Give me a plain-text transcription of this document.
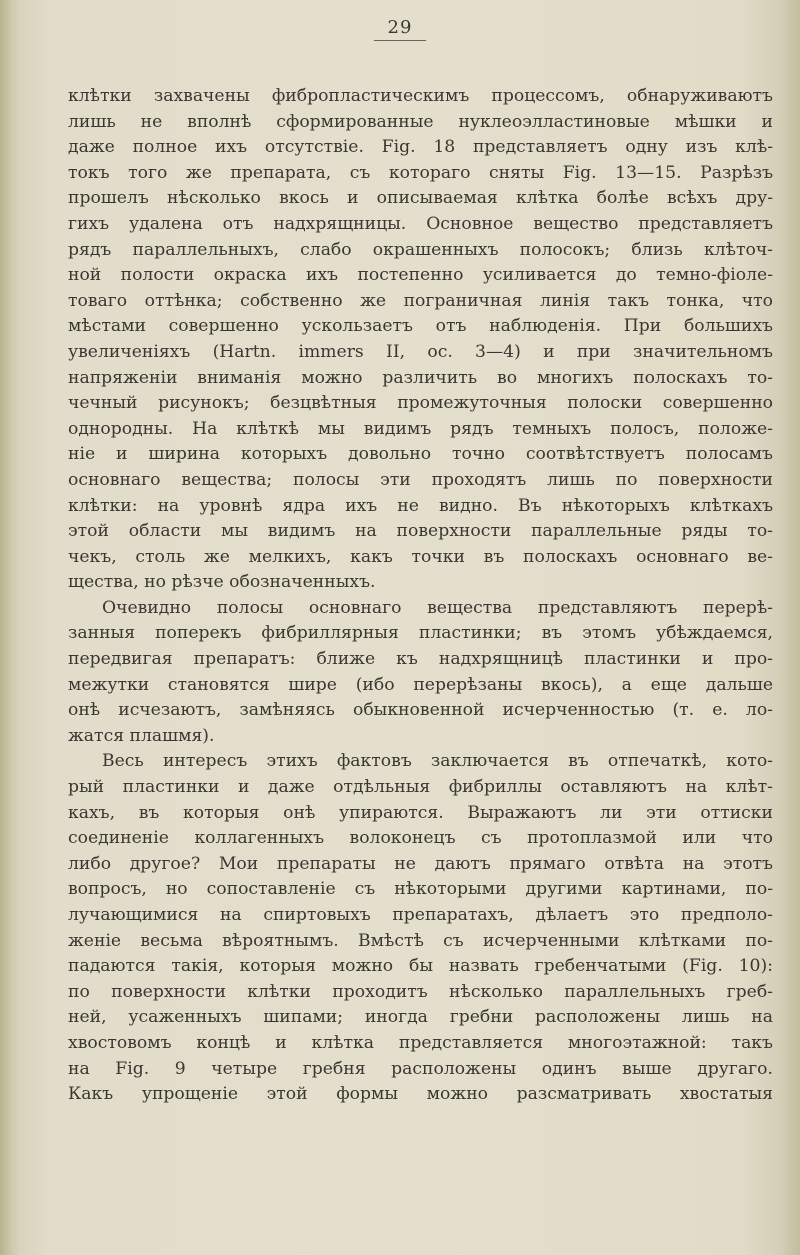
29
клѣтки захвачены фибропластическимъ процессомъ, обнаруживаютъ
лишь не вполнѣ сформированные нуклеоэлластиновые мѣшки и
даже полное ихъ отсутствіе. Fig. 18 представляетъ одну изъ клѣ-
токъ того же препарата, съ котораго сняты Fig. 13—15. Разрѣзъ
прошелъ нѣсколько вкось и описываемая клѣтка болѣе всѣхъ дру-
гихъ удалена отъ надхрящницы. Основное вещество представляетъ
рядъ параллельныхъ, слабо окрашенныхъ полосокъ; близь клѣточ-
ной полости окраска ихъ постепенно усиливается до темно-фіоле-
товаго оттѣнка; собственно же пограничная линія такъ тонка, что
мѣстами совершенно ускользаетъ отъ наблюденія. При большихъ
увеличеніяхъ (Hartn. immers II, oc. 3—4) и при значительномъ
напряженіи вниманія можно различить во многихъ полоскахъ то-
чечный рисунокъ; безцвѣтныя промежуточныя полоски совершенно
однородны. На клѣткѣ мы видимъ рядъ темныхъ полосъ, положе-
ніе и ширина которыхъ довольно точно соотвѣтствуетъ полосамъ
основнаго вещества; полосы эти проходятъ лишь по поверхности
клѣтки: на уровнѣ ядра ихъ не видно. Въ нѣкоторыхъ клѣткахъ
этой области мы видимъ на поверхности параллельные ряды то-
чекъ, столь же мелкихъ, какъ точки въ полоскахъ основнаго ве-
щества, но рѣзче обозначенныхъ.
Очевидно полосы основнаго вещества представляютъ перерѣ-
занныя поперекъ фибриллярныя пластинки; въ этомъ убѣждаемся,
передвигая препаратъ: ближе къ надхрящницѣ пластинки и про-
межутки становятся шире (ибо перерѣзаны вкось), а еще дальше
онѣ исчезаютъ, замѣняясь обыкновенной исчерченностью (т. е. ло-
жатся плашмя).
Весь интересъ этихъ фактовъ заключается въ отпечаткѣ, кото-
рый пластинки и даже отдѣльныя фибриллы оставляютъ на клѣт-
кахъ, въ которыя онѣ упираются. Выражаютъ ли эти оттиски
соединеніе коллагенныхъ волоконецъ съ протоплазмой или что
либо другое? Мои препараты не даютъ прямаго отвѣта на этотъ
вопросъ, но сопоставленіе съ нѣкоторыми другими картинами, по-
лучающимися на спиртовыхъ препаратахъ, дѣлаетъ это предполо-
женіе весьма вѣроятнымъ. Вмѣстѣ съ исчерченными клѣтками по-
падаются такія, которыя можно бы назвать гребенчатыми (Fig. 10):
по поверхности клѣтки проходитъ нѣсколько параллельныхъ греб-
ней, усаженныхъ шипами; иногда гребни расположены лишь на
хвостовомъ концѣ и клѣтка представляется многоэтажной: такъ
на Fig. 9 четыре гребня расположены одинъ выше другаго.
Какъ упрощеніе этой формы можно разсматривать хвостатыя
